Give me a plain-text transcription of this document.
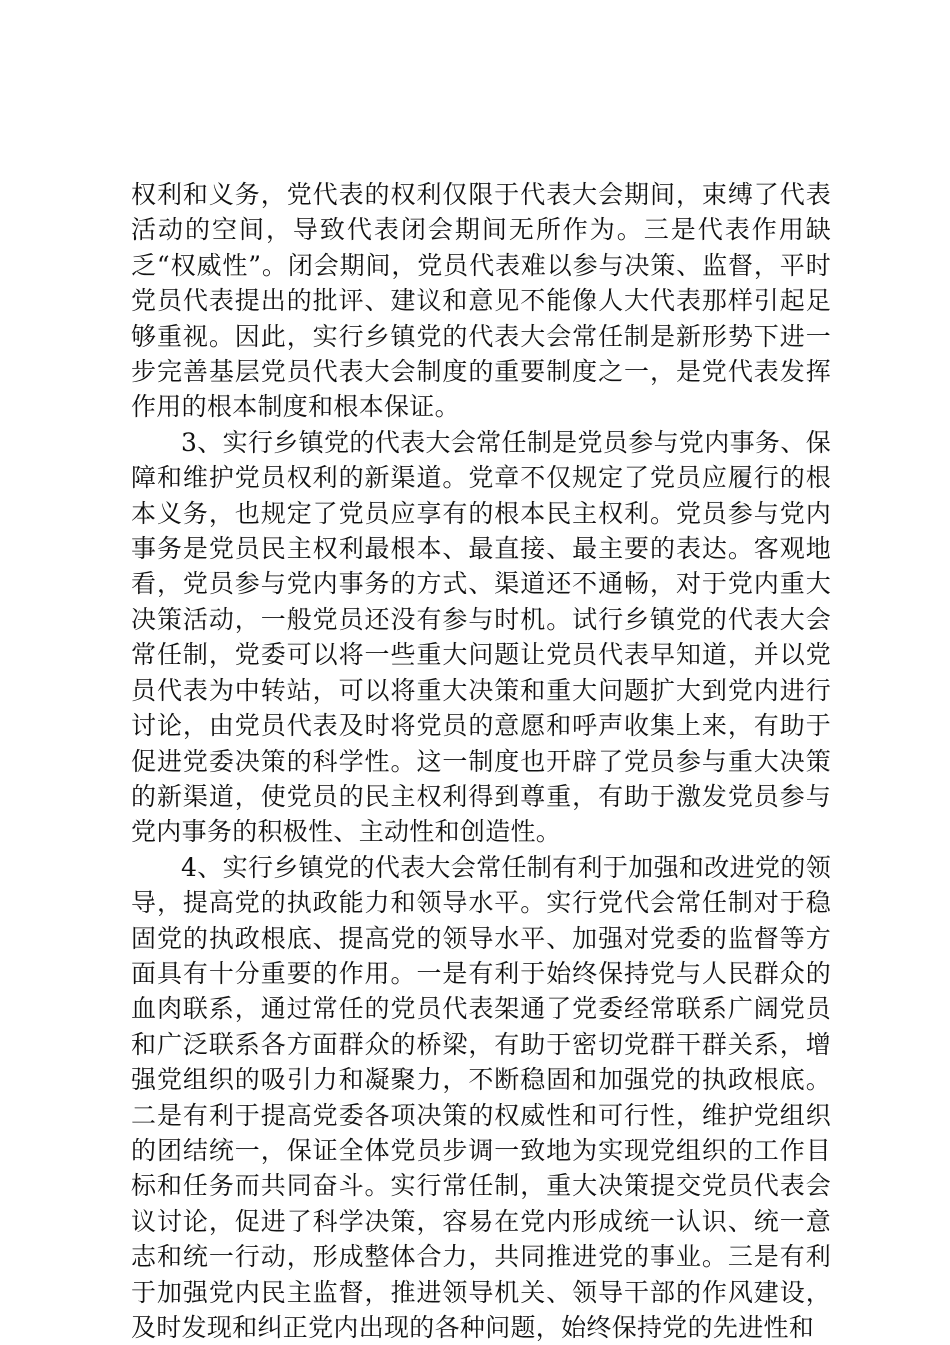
权利和义务，党代表的权利仅限于代表大会期间，束缚了代表活动的空间，导致代表闭会期间无所作为。三是代表作用缺乏“权威性”。闭会期间，党员代表难以参与决策、监督，平时党员代表提出的批评、建议和意见不能像人大代表那样引起足够重视。因此，实行乡镇党的代表大会常任制是新形势下进一步完善基层党员代表大会制度的重要制度之一，是党代表发挥作用的根本制度和根本保证。

3、实行乡镇党的代表大会常任制是党员参与党内事务、保障和维护党员权利的新渠道。党章不仅规定了党员应履行的根本义务，也规定了党员应享有的根本民主权利。党员参与党内事务是党员民主权利最根本、最直接、最主要的表达。客观地看，党员参与党内事务的方式、渠道还不通畅，对于党内重大决策活动，一般党员还没有参与时机。试行乡镇党的代表大会常任制，党委可以将一些重大问题让党员代表早知道，并以党员代表为中转站，可以将重大决策和重大问题扩大到党内进行讨论，由党员代表及时将党员的意愿和呼声收集上来，有助于促进党委决策的科学性。这一制度也开辟了党员参与重大决策的新渠道，使党员的民主权利得到尊重，有助于激发党员参与党内事务的积极性、主动性和创造性。

4、实行乡镇党的代表大会常任制有利于加强和改进党的领导，提高党的执政能力和领导水平。实行党代会常任制对于稳固党的执政根底、提高党的领导水平、加强对党委的监督等方面具有十分重要的作用。一是有利于始终保持党与人民群众的血肉联系，通过常任的党员代表架通了党委经常联系广阔党员和广泛联系各方面群众的桥梁，有助于密切党群干群关系，增强党组织的吸引力和凝聚力，不断稳固和加强党的执政根底。二是有利于提高党委各项决策的权威性和可行性，维护党组织的团结统一，保证全体党员步调一致地为实现党组织的工作目标和任务而共同奋斗。实行常任制，重大决策提交党员代表会议讨论，促进了科学决策，容易在党内形成统一认识、统一意志和统一行动，形成整体合力，共同推进党的事业。三是有利于加强党内民主监督，推进领导机关、领导干部的作风建设，及时发现和纠正党内出现的各种问题，始终保持党的先进性和
